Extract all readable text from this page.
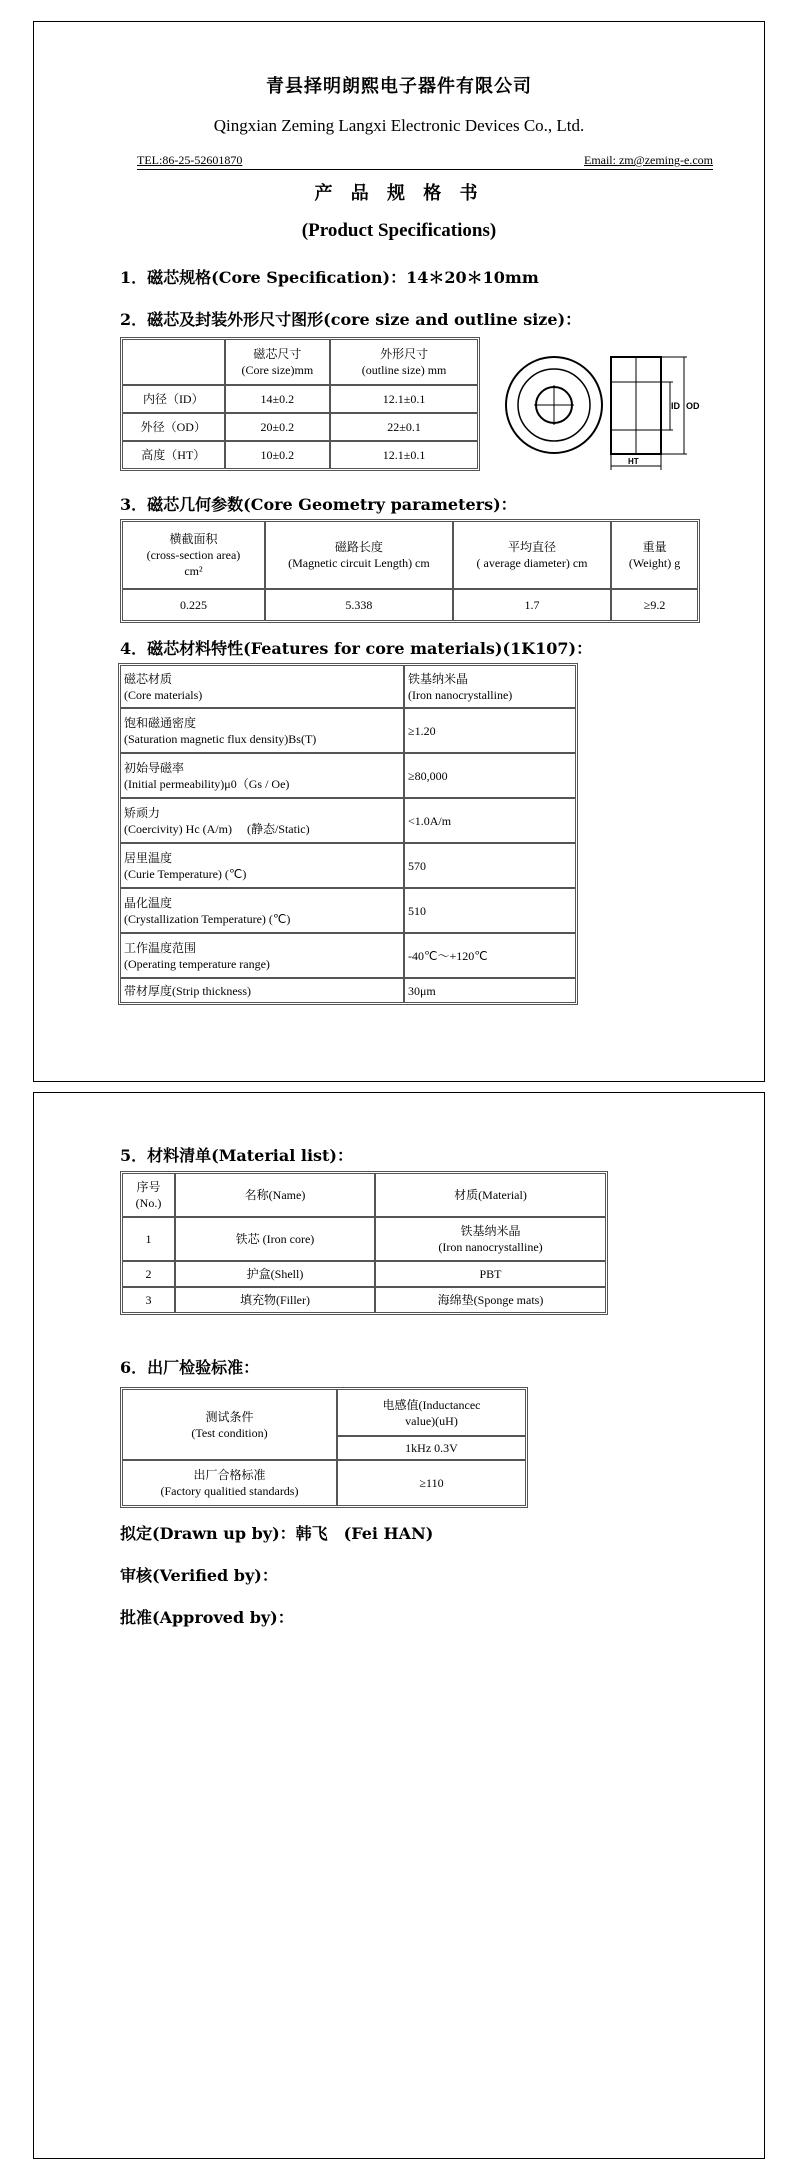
青县择明朗熙电子器件有限公司
Qingxian Zeming Langxi Electronic Devices Co., Ltd.
TEL:86-25-52601870	Email: zm@zeming-e.com
产 品 规 格 书
(Product Specifications)
1．磁芯规格(Core Specification)：14＊20＊10mm
2．磁芯及封装外形尺寸图形(core size and outline size)：
	磁芯尺寸
(Core size)mm	外形尺寸
(outline size) mm
内径（ID）	14±0.2	12.1±0.1
外径（OD）	20±0.2	22±0.1
高度（HT）	10±0.2	12.1±0.1
ID OD
HT
3．磁芯几何参数(Core Geometry parameters)：
横截面积
(cross-section area)
cm²	磁路长度
(Magnetic circuit Length) cm	平均直径
( average diameter) cm	重量
(Weight) g
0.225	5.338	1.7	≥9.2
4．磁芯材料特性(Features for core materials)(1K107)：
磁芯材质
(Core materials)	铁基纳米晶
(Iron nanocrystalline)
饱和磁通密度
(Saturation magnetic flux density)Bs(T)	≥1.20
初始导磁率
(Initial permeability)μ0（Gs / Oe)	≥80,000
矫顽力
(Coercivity) Hc (A/m)　 (静态/Static)	<1.0A/m
居里温度
(Curie Temperature) (℃)	570
晶化温度
(Crystallization Temperature) (℃)	510
工作温度范围
(Operating temperature range)	-40℃～+120℃
带材厚度(Strip thickness)	30μm
5．材料清单(Material list)：
序号
(No.)	名称(Name)	材质(Material)
1	铁芯 (Iron core)	铁基纳米晶
(Iron nanocrystalline)
2	护盒(Shell)	PBT
3	填充物(Filler)	海绵垫(Sponge mats)
6．出厂检验标准：
测试条件
(Test condition)	电感值(Inductancec
value)(uH)
	1kHz 0.3V
出厂合格标准
(Factory qualitied standards)	≥110
拟定(Drawn up by)：韩飞　(Fei HAN)
审核(Verified by)：
批准(Approved by)：
